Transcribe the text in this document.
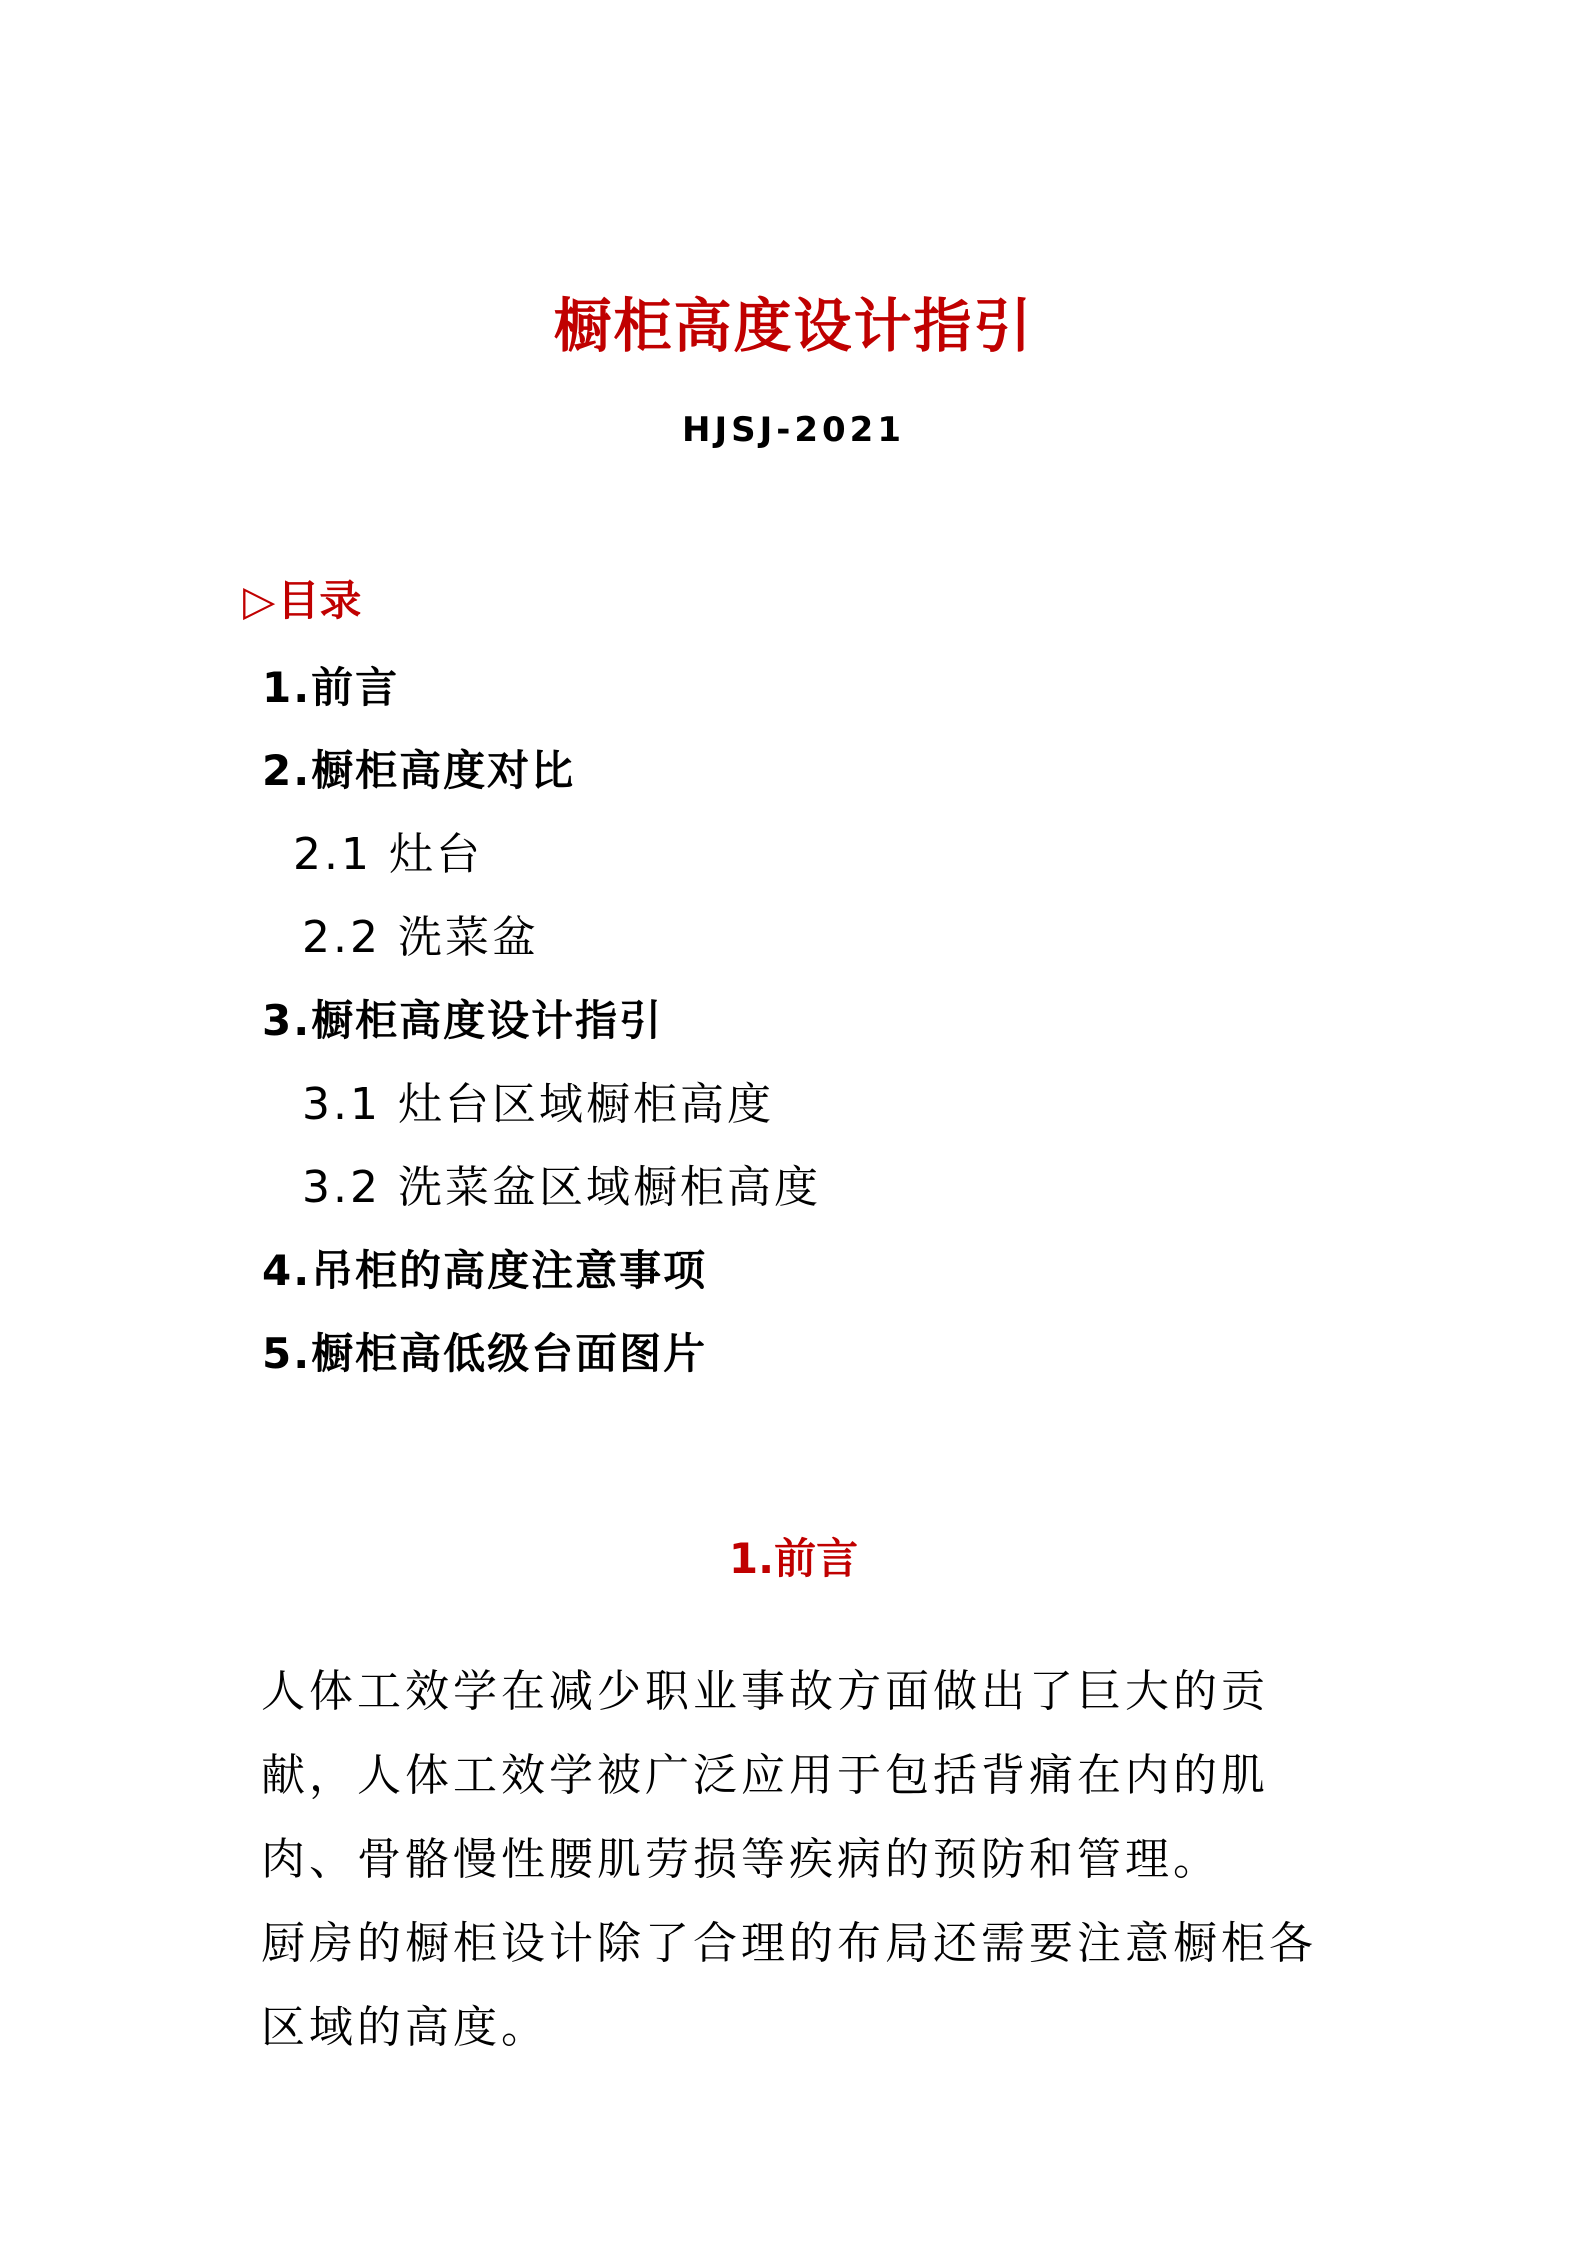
橱柜高度设计指引
HJSJ-2021
▷目录
1.前言
2.橱柜高度对比
2.1 灶台
2.2 洗菜盆
3.橱柜高度设计指引
3.1 灶台区域橱柜高度
3.2 洗菜盆区域橱柜高度
4.吊柜的高度注意事项
5.橱柜高低级台面图片
1.前言

人体工效学在减少职业事故方面做出了巨大的贡献，人体工效学被广泛应用于包括背痛在内的肌肉、骨骼慢性腰肌劳损等疾病的预防和管理。

厨房的橱柜设计除了合理的布局还需要注意橱柜各区域的高度。
